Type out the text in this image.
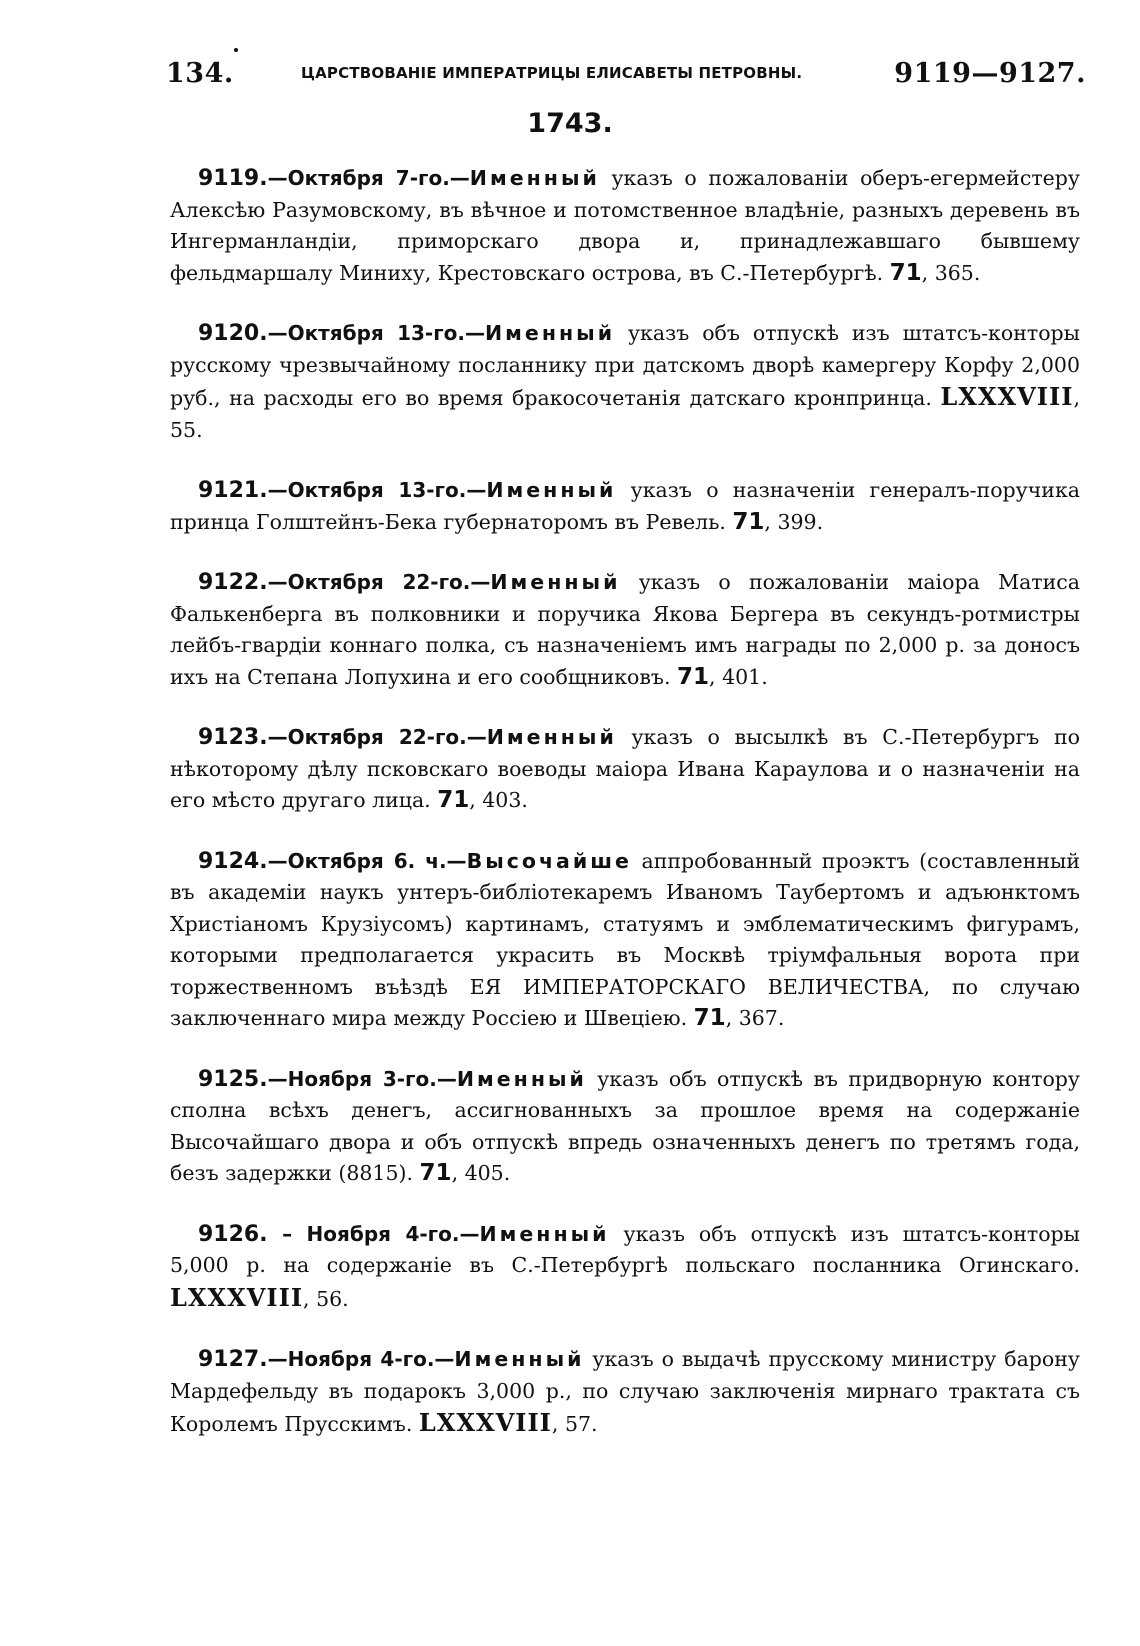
134.	ЦАРСТВОВАНІЕ ИМПЕРАТРИЦЫ ЕЛИСАВЕТЫ ПЕТРОВНЫ.	9119—9127.
1743.

9119.—Октября 7-го.—Именный указъ о пожалованіи оберъ-егермейстеру Алексѣю Разумовскому, въ вѣчное и потомственное владѣніе, разныхъ деревень въ Ингерманландіи, приморскаго двора и, принадлежавшаго бывшему фельдмаршалу Миниху, Крестовскаго острова, въ С.-Петербургѣ. 71, 365.

9120.—Октября 13-го.—Именный указъ объ отпускѣ изъ штатсъ-конторы русскому чрезвычайному посланнику при датскомъ дворѣ камергеру Корфу 2,000 руб., на расходы его во время бракосочетанія датскаго кронпринца. LXXXVIII, 55.

9121.—Октября 13-го.—Именный указъ о назначеніи генералъ-поручика принца Голштейнъ-Бека губернаторомъ въ Ревель. 71, 399.

9122.—Октября 22-го.—Именный указъ о пожалованіи маіора Матиса Фалькенберга въ полковники и поручика Якова Бергера въ секундъ-ротмистры лейбъ-гвардіи коннаго полка, съ назначеніемъ имъ награды по 2,000 р. за доносъ ихъ на Степана Лопухина и его сообщниковъ. 71, 401.

9123.—Октября 22-го.—Именный указъ о высылкѣ въ С.-Петербургъ по нѣкоторому дѣлу псковскаго воеводы маіора Ивана Караулова и о назначеніи на его мѣсто другаго лица. 71, 403.

9124.—Октября 6. ч.—Высочайше аппробованный проэктъ (составленный въ академіи наукъ унтеръ-библіотекаремъ Иваномъ Таубертомъ и адъюнктомъ Христіаномъ Крузіусомъ) картинамъ, статуямъ и эмблематическимъ фигурамъ, которыми предполагается украсить въ Москвѣ тріумфальныя ворота при торжественномъ въѣздѣ ЕЯ ИМПЕРАТОРСКАГО ВЕЛИЧЕСТВА, по случаю заключеннаго мира между Россіею и Швеціею. 71, 367.

9125.—Ноября 3-го.—Именный указъ объ отпускѣ въ придворную контору сполна всѣхъ денегъ, ассигнованныхъ за прошлое время на содержаніе Высочайшаго двора и объ отпускѣ впредь означенныхъ денегъ по третямъ года, безъ задержки (8815). 71, 405.

9126. – Ноября 4-го.—Именный указъ объ отпускѣ изъ штатсъ-конторы 5,000 р. на содержаніе въ С.-Петербургѣ польскаго посланника Огинскаго. LXXXVIII, 56.

9127.—Ноября 4-го.—Именный указъ о выдачѣ прусскому министру барону Мардефельду въ подарокъ 3,000 р., по случаю заключенія мирнаго трактата съ Королемъ Прусскимъ. LXXXVIII, 57.
